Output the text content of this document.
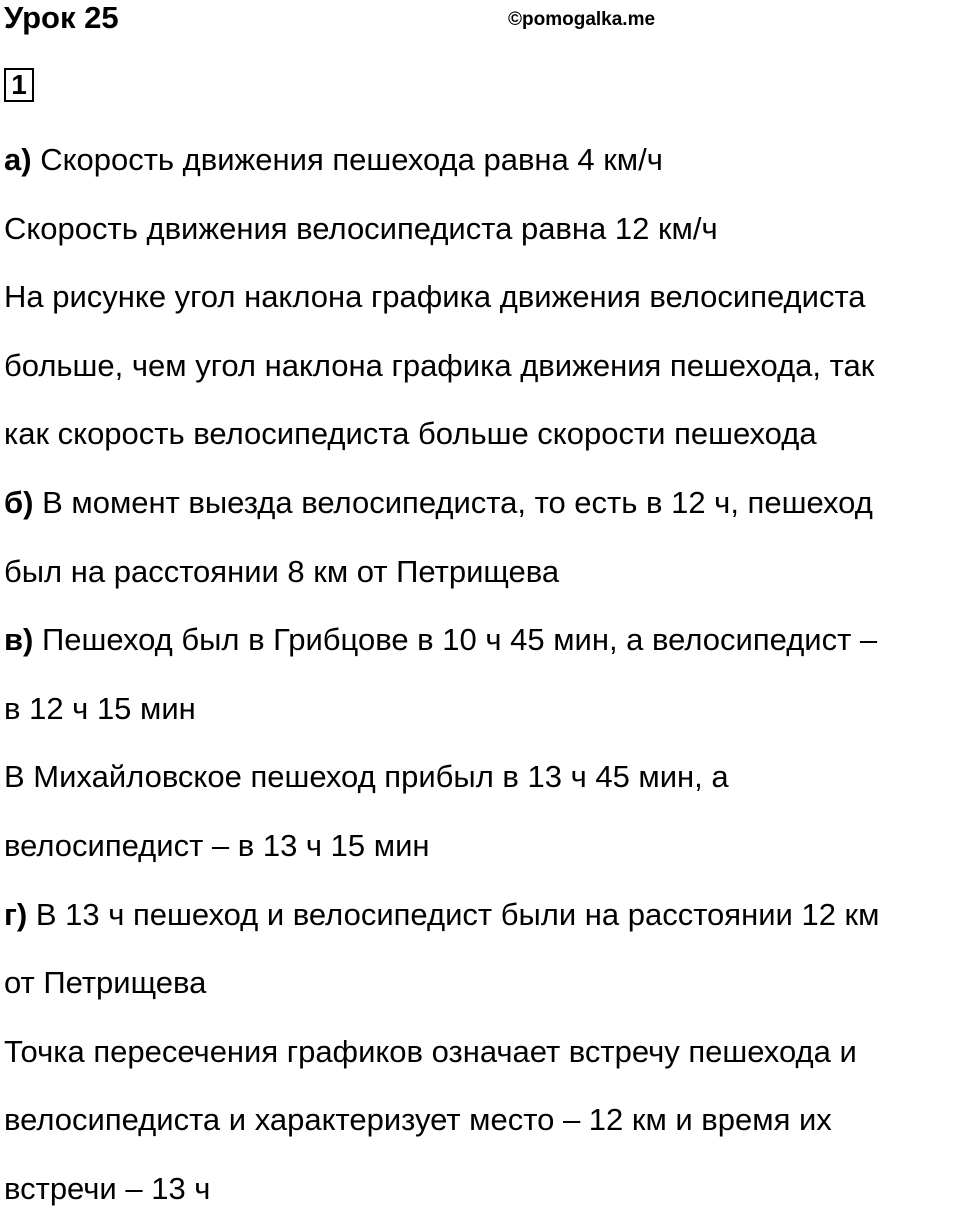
Урок 25	©pomogalka.me
1
а) Скорость движения пешехода равна 4 км/ч
Скорость движения велосипедиста равна 12 км/ч
На рисунке угол наклона графика движения велосипедиста
больше, чем угол наклона графика движения пешехода, так
как скорость велосипедиста больше скорости пешехода
б) В момент выезда велосипедиста, то есть в 12 ч, пешеход
был на расстоянии 8 км от Петрищева
в) Пешеход был в Грибцове в 10 ч 45 мин, а велосипедист –
в 12 ч 15 мин
В Михайловское пешеход прибыл в 13 ч 45 мин, а
велосипедист – в 13 ч 15 мин
г) В 13 ч пешеход и велосипедист были на расстоянии 12 км
от Петрищева
Точка пересечения графиков означает встречу пешехода и
велосипедиста и характеризует место – 12 км и время их
встречи – 13 ч
